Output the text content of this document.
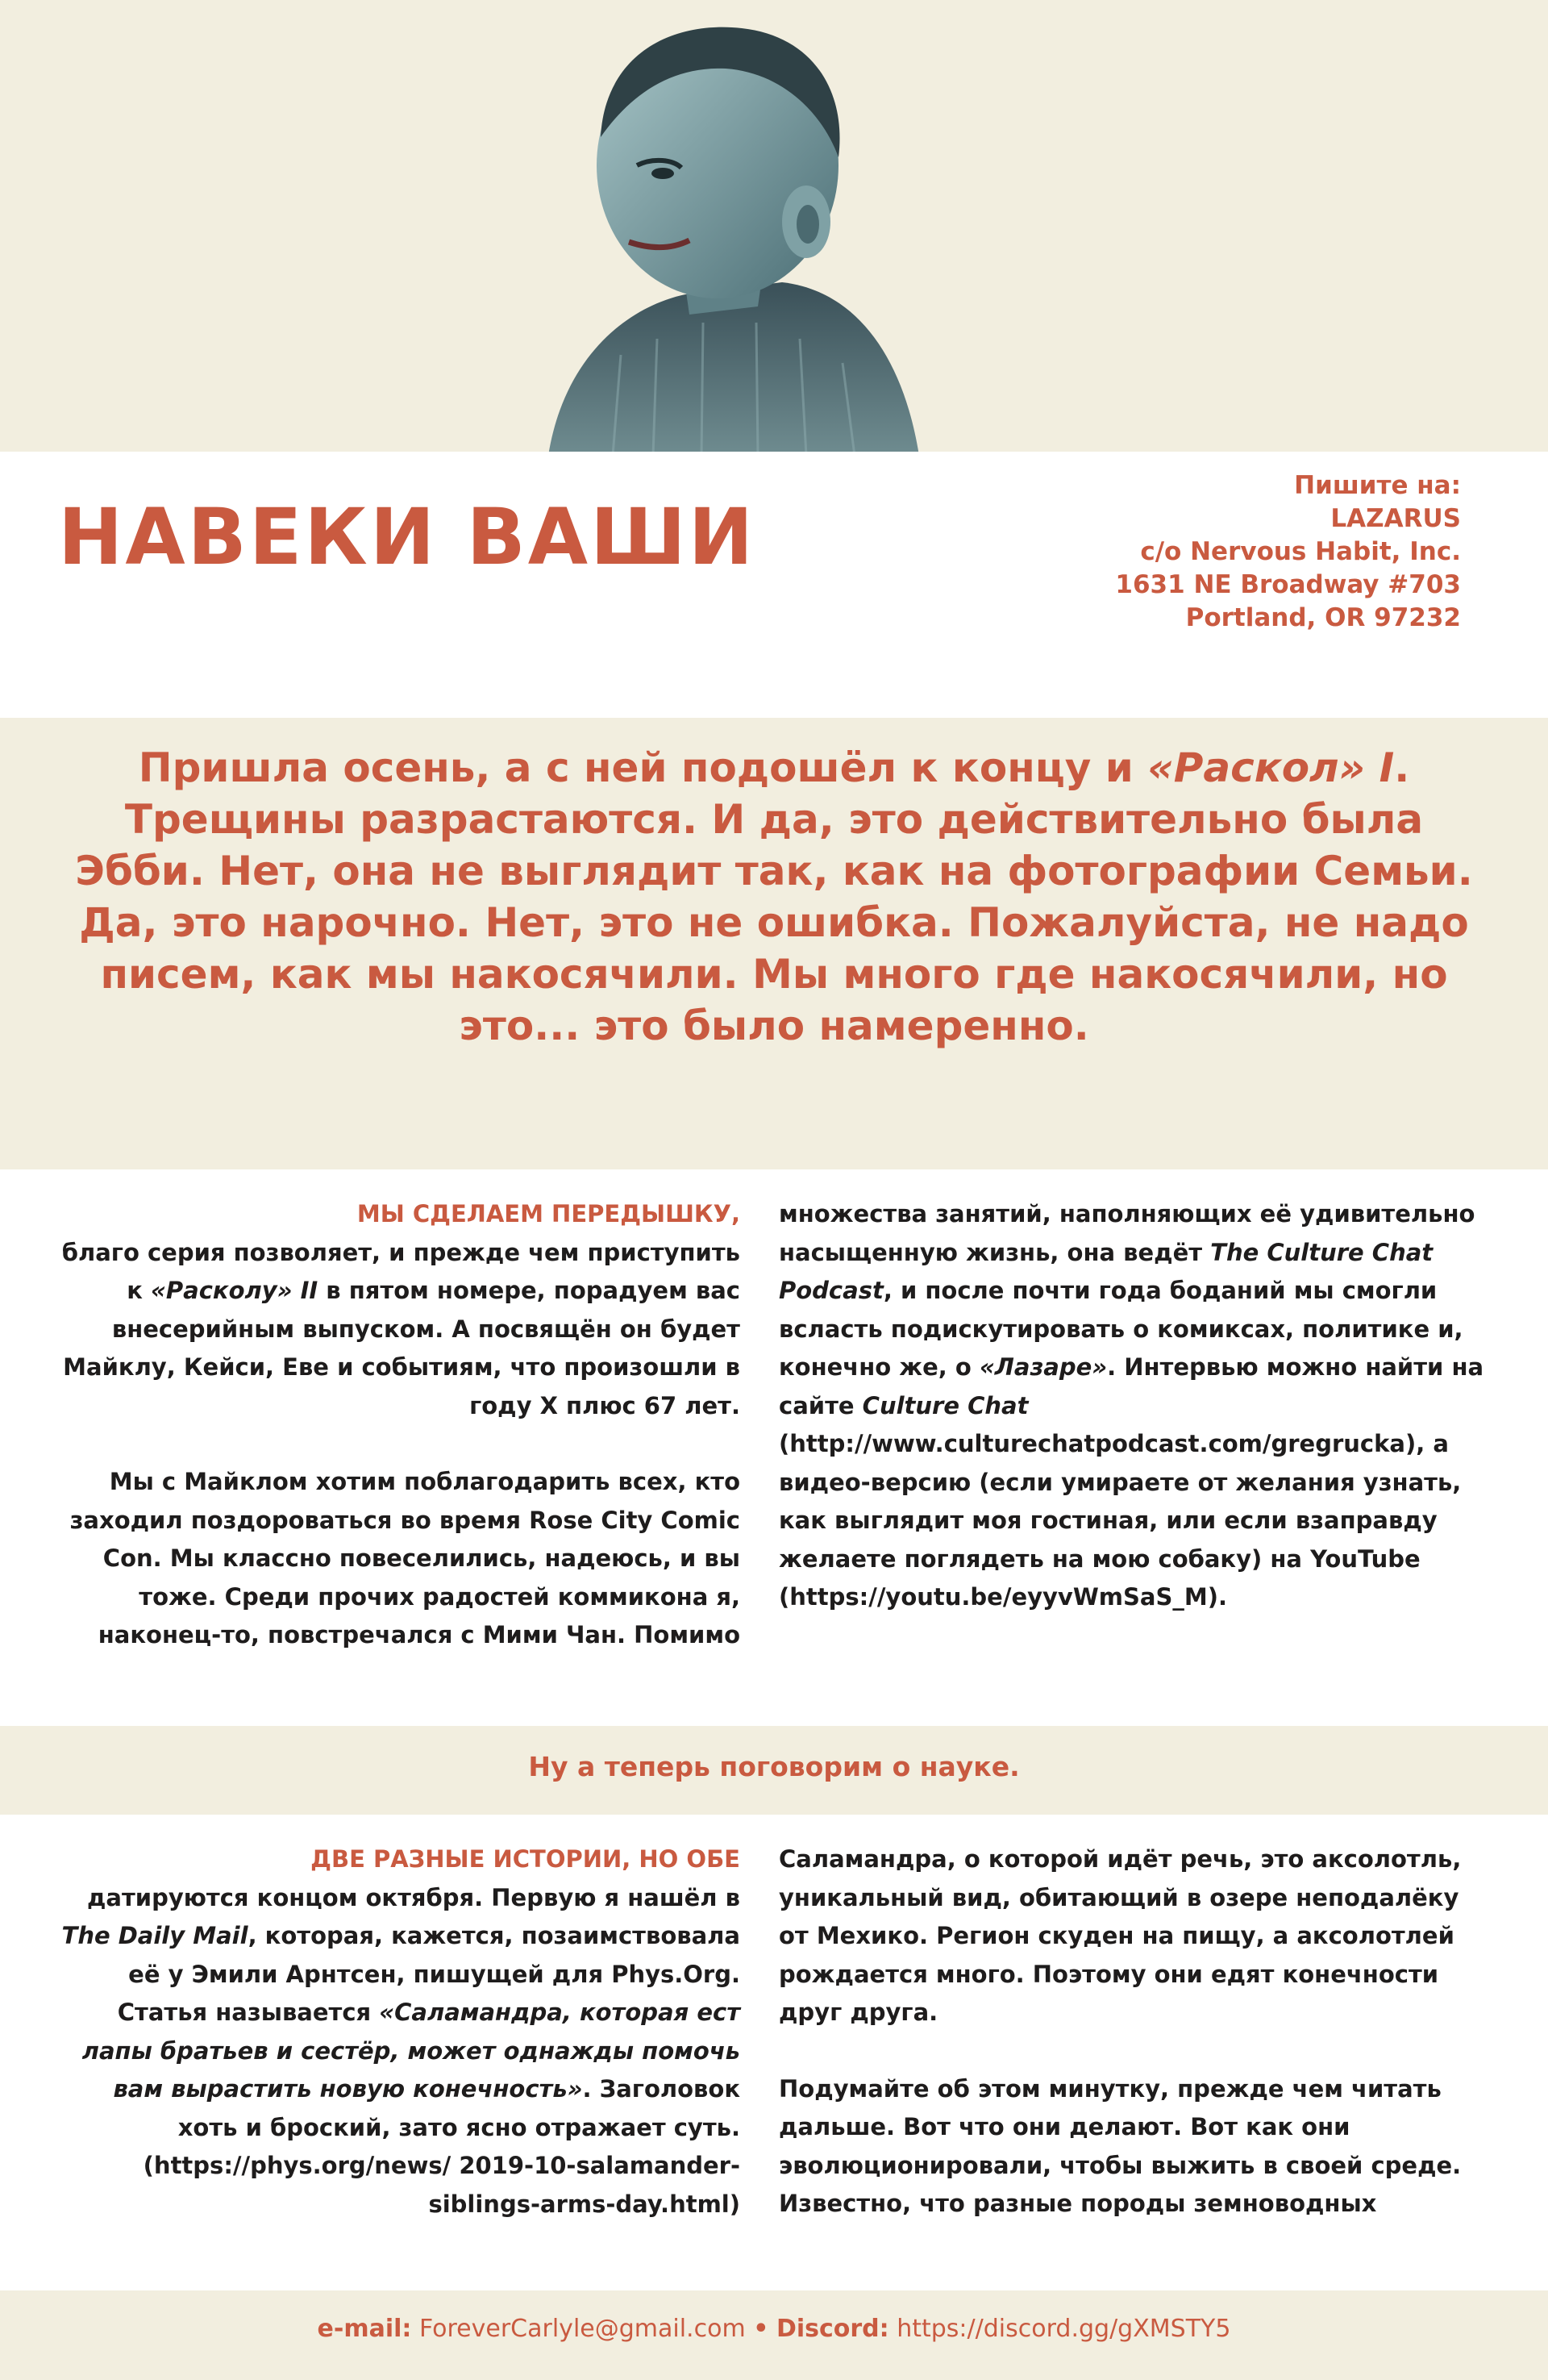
НАВЕКИ ВАШИ
Пишите на:
LAZARUS
c/o Nervous Habit, Inc.
1631 NE Broadway #703
Portland, OR 97232

Пришла осень, а с ней подошёл к концу и «Раскол» I. Трещины разрастаются. И да, это действительно была Эбби. Нет, она не выглядит так, как на фотографии Семьи. Да, это нарочно. Нет, это не ошибка. Пожалуйста, не надо писем, как мы накосячили. Мы много где накосячили, но это... это было намеренно.

МЫ СДЕЛАЕМ ПЕРЕДЫШКУ,

благо серия позволяет, и прежде чем приступить к «Расколу» II в пятом номере, порадуем вас внесерийным выпуском. А посвящён он будет Майклу, Кейси, Еве и событиям, что произошли в году X плюс 67 лет.

Мы с Майклом хотим поблагодарить всех, кто заходил поздороваться во время Rose City Comic Con. Мы классно повеселились, надеюсь, и вы тоже. Среди прочих радостей коммикона я, наконец-то, повстречался с Мими Чан. Помимо

множества занятий, наполняющих её удивительно насыщенную жизнь, она ведёт The Culture Chat Podcast, и после почти года боданий мы смогли всласть подискутировать о комиксах, политике и, конечно же, о «Лазаре». Интервью можно найти на сайте Culture Chat (http://www.culturechatpodcast.com/gregrucka), а видео-версию (если умираете от желания узнать, как выглядит моя гостиная, или если взаправду желаете поглядеть на мою собаку) на YouTube (https://youtu.be/eyyvWmSaS_M).

Ну а теперь поговорим о науке.

ДВЕ РАЗНЫЕ ИСТОРИИ, НО ОБЕ

датируются концом октября. Первую я нашёл в The Daily Mail, которая, кажется, позаимствовала её у Эмили Арнтсен, пишущей для Phys.Org. Статья называется «Саламандра, которая ест лапы братьев и сестёр, может однажды помочь вам вырастить новую конечность». Заголовок хоть и броский, зато ясно отражает суть. (https://phys.org/news/ 2019-10-salamander-siblings-arms-day.html)

Саламандра, о которой идёт речь, это аксолотль, уникальный вид, обитающий в озере неподалёку от Мехико. Регион скуден на пищу, а аксолотлей рождается много. Поэтому они едят конечности друг друга.

Подумайте об этом минутку, прежде чем читать дальше. Вот что они делают. Вот как они эволюционировали, чтобы выжить в своей среде. Известно, что разные породы земноводных

e-mail: ForeverCarlyle@gmail.com • Discord: https://discord.gg/gXMSTY5
